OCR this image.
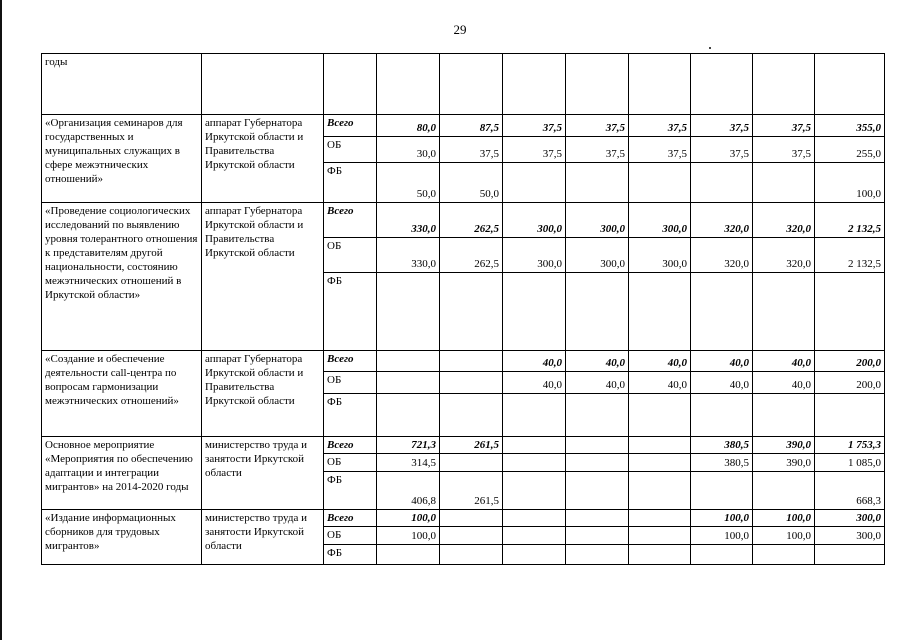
29
годы										
«Организация семинаров для государственных и муниципальных служащих в сфере межэтнических отношений»	аппарат Губернатора Иркутской области и Правительства Иркутской области	Всего	80,0	87,5	37,5	37,5	37,5	37,5	37,5	355,0
		ОБ	30,0	37,5	37,5	37,5	37,5	37,5	37,5	255,0
		ФБ	50,0	50,0						100,0
«Проведение социологических исследований по выявлению уровня толерантного отношения к представителям другой национальности, состоянию межэтнических отношений в Иркутской области»	аппарат Губернатора Иркутской области и Правительства Иркутской области	Всего	330,0	262,5	300,0	300,0	300,0	320,0	320,0	2 132,5
		ОБ	330,0	262,5	300,0	300,0	300,0	320,0	320,0	2 132,5
		ФБ								
«Создание и обеспечение деятельности call-центра по вопросам гармонизации межэтнических отношений»	аппарат Губернатора Иркутской области и Правительства Иркутской области	Всего			40,0	40,0	40,0	40,0	40,0	200,0
		ОБ			40,0	40,0	40,0	40,0	40,0	200,0
		ФБ								
Основное мероприятие «Мероприятия по обеспечению адаптации и интеграции мигрантов» на 2014-2020 годы	министерство труда и занятости Иркутской области	Всего	721,3	261,5				380,5	390,0	1 753,3
		ОБ	314,5					380,5	390,0	1 085,0
		ФБ	406,8	261,5						668,3
«Издание информационных сборников для трудовых мигрантов»	министерство труда и занятости Иркутской области	Всего	100,0					100,0	100,0	300,0
		ОБ	100,0					100,0	100,0	300,0
		ФБ								
